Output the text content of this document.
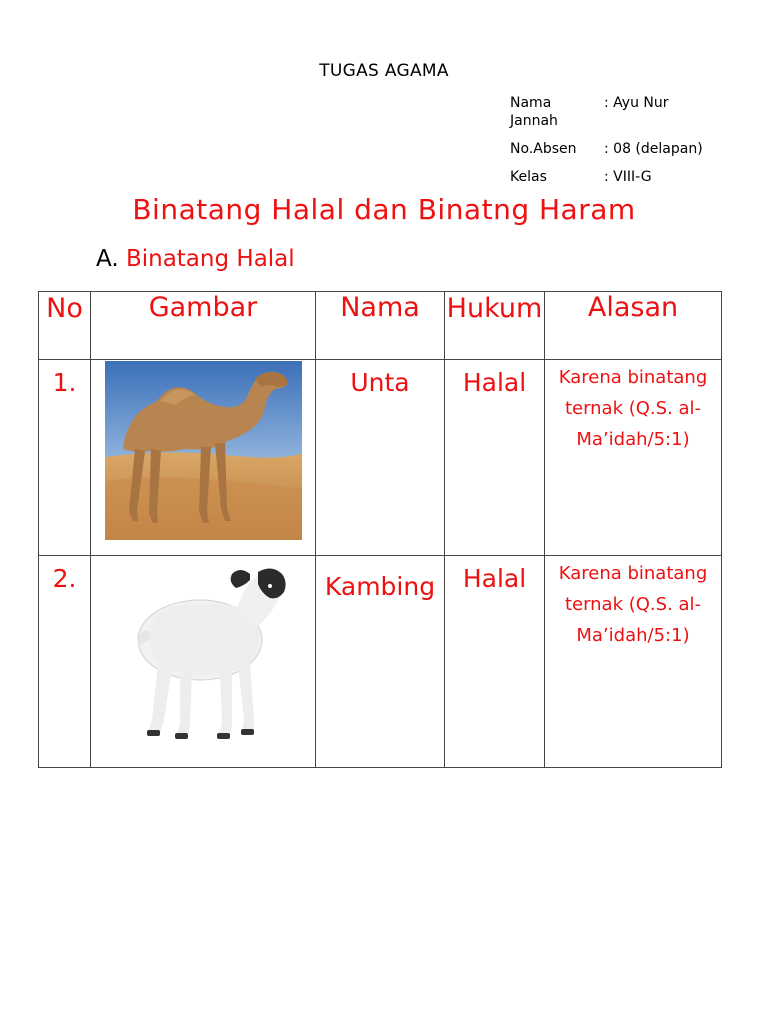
TUGAS AGAMA
Nama	: Ayu Nur Jannah
No.Absen : 08 (delapan)
Kelas	: VIII-G
Binatang Halal dan Binatng Haram
A. Binatang Halal
No	Gambar	Nama	Hukum	Alasan
1.		Unta	Halal	Karena binatang ternak (Q.S. al-Ma’idah/5:1)
2.		Kambing	Halal	Karena binatang ternak (Q.S. al-Ma’idah/5:1)
